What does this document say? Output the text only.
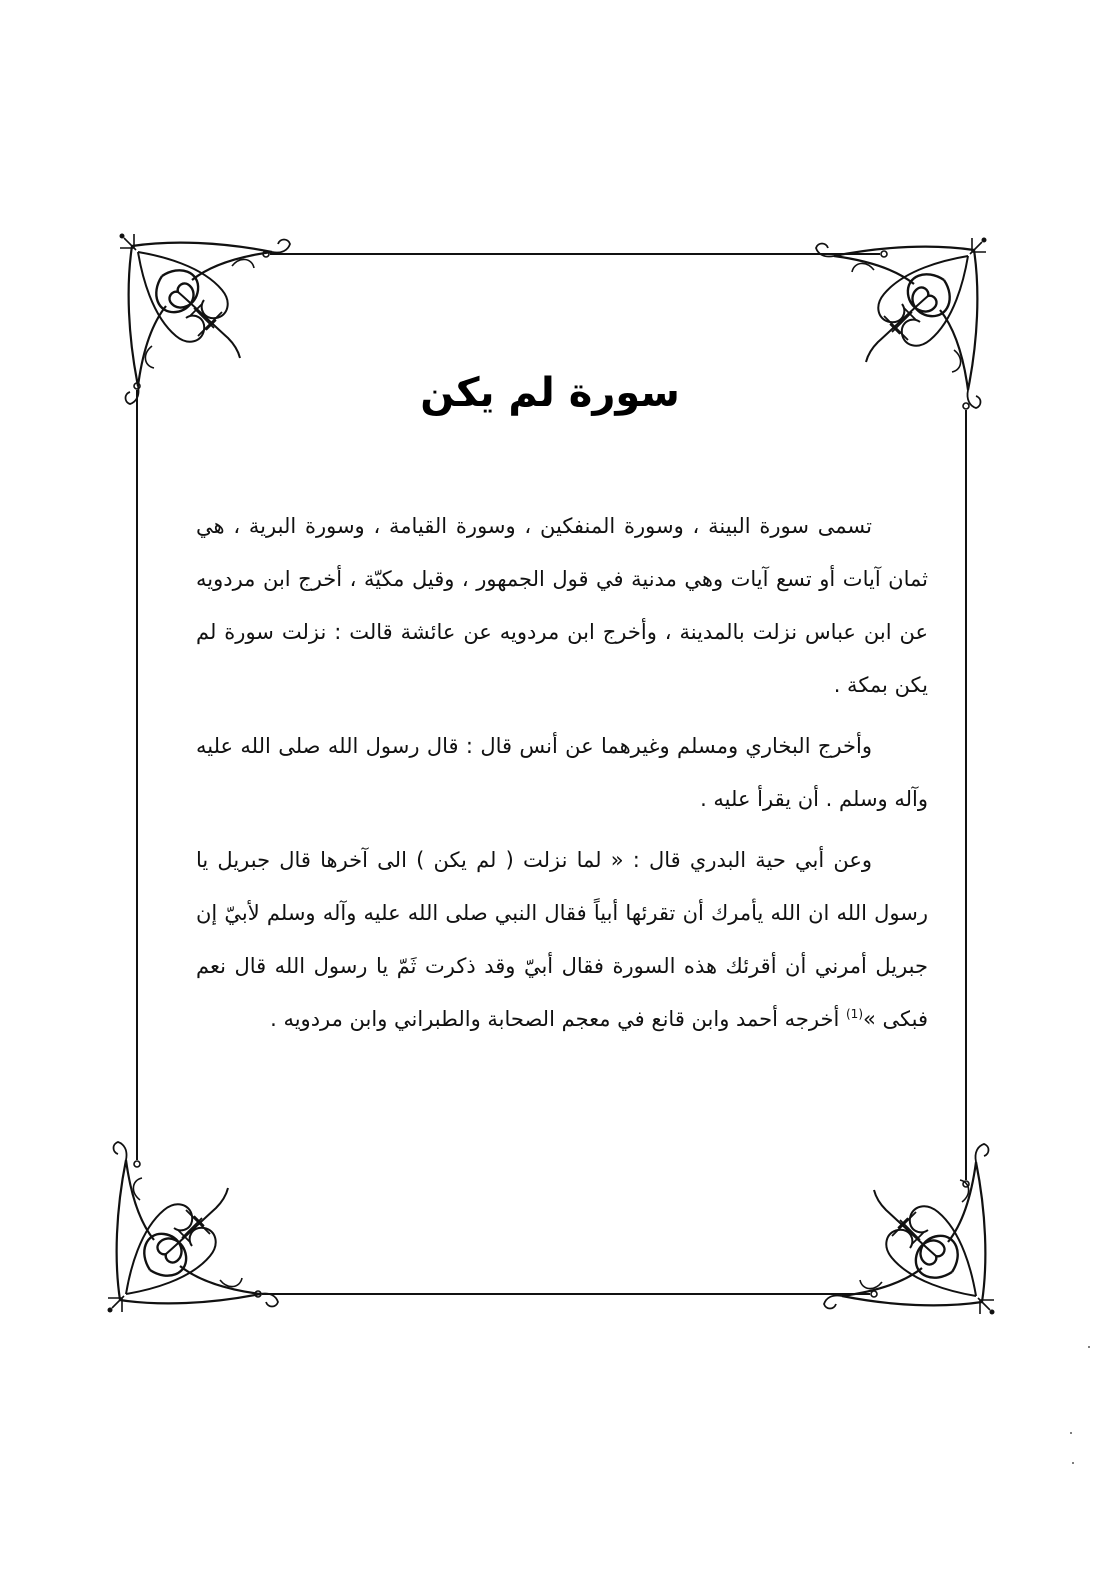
سورة لم يكن

تسمى سورة البينة ، وسورة المنفكين ، وسورة القيامة ، وسورة البرية ، هي ثمان آيات أو تسع آيات وهي مدنية في قول الجمهور ، وقيل مكيّة ، أخرج ابن مردويه عن ابن عباس نزلت بالمدينة ، وأخرج ابن مردويه عن عائشة قالت : نزلت سورة لم يكن بمكة .

وأخرج البخاري ومسلم وغيرهما عن أنس قال : قال رسول الله صلى الله عليه وآله وسلم . أن يقرأ عليه .

وعن أبي حية البدري قال : « لما نزلت ( لم يكن ) الى آخرها قال جبريل يا رسول الله ان الله يأمرك أن تقرئها أبياً فقال النبي صلى الله عليه وآله وسلم لأبيّ إن جبريل أمرني أن أقرئك هذه السورة فقال أبيّ وقد ذكرت ثَمّ يا رسول الله قال نعم فبكى »$^{(1)}$ أخرجه أحمد وابن قانع في معجم الصحابة والطبراني وابن مردويه .
